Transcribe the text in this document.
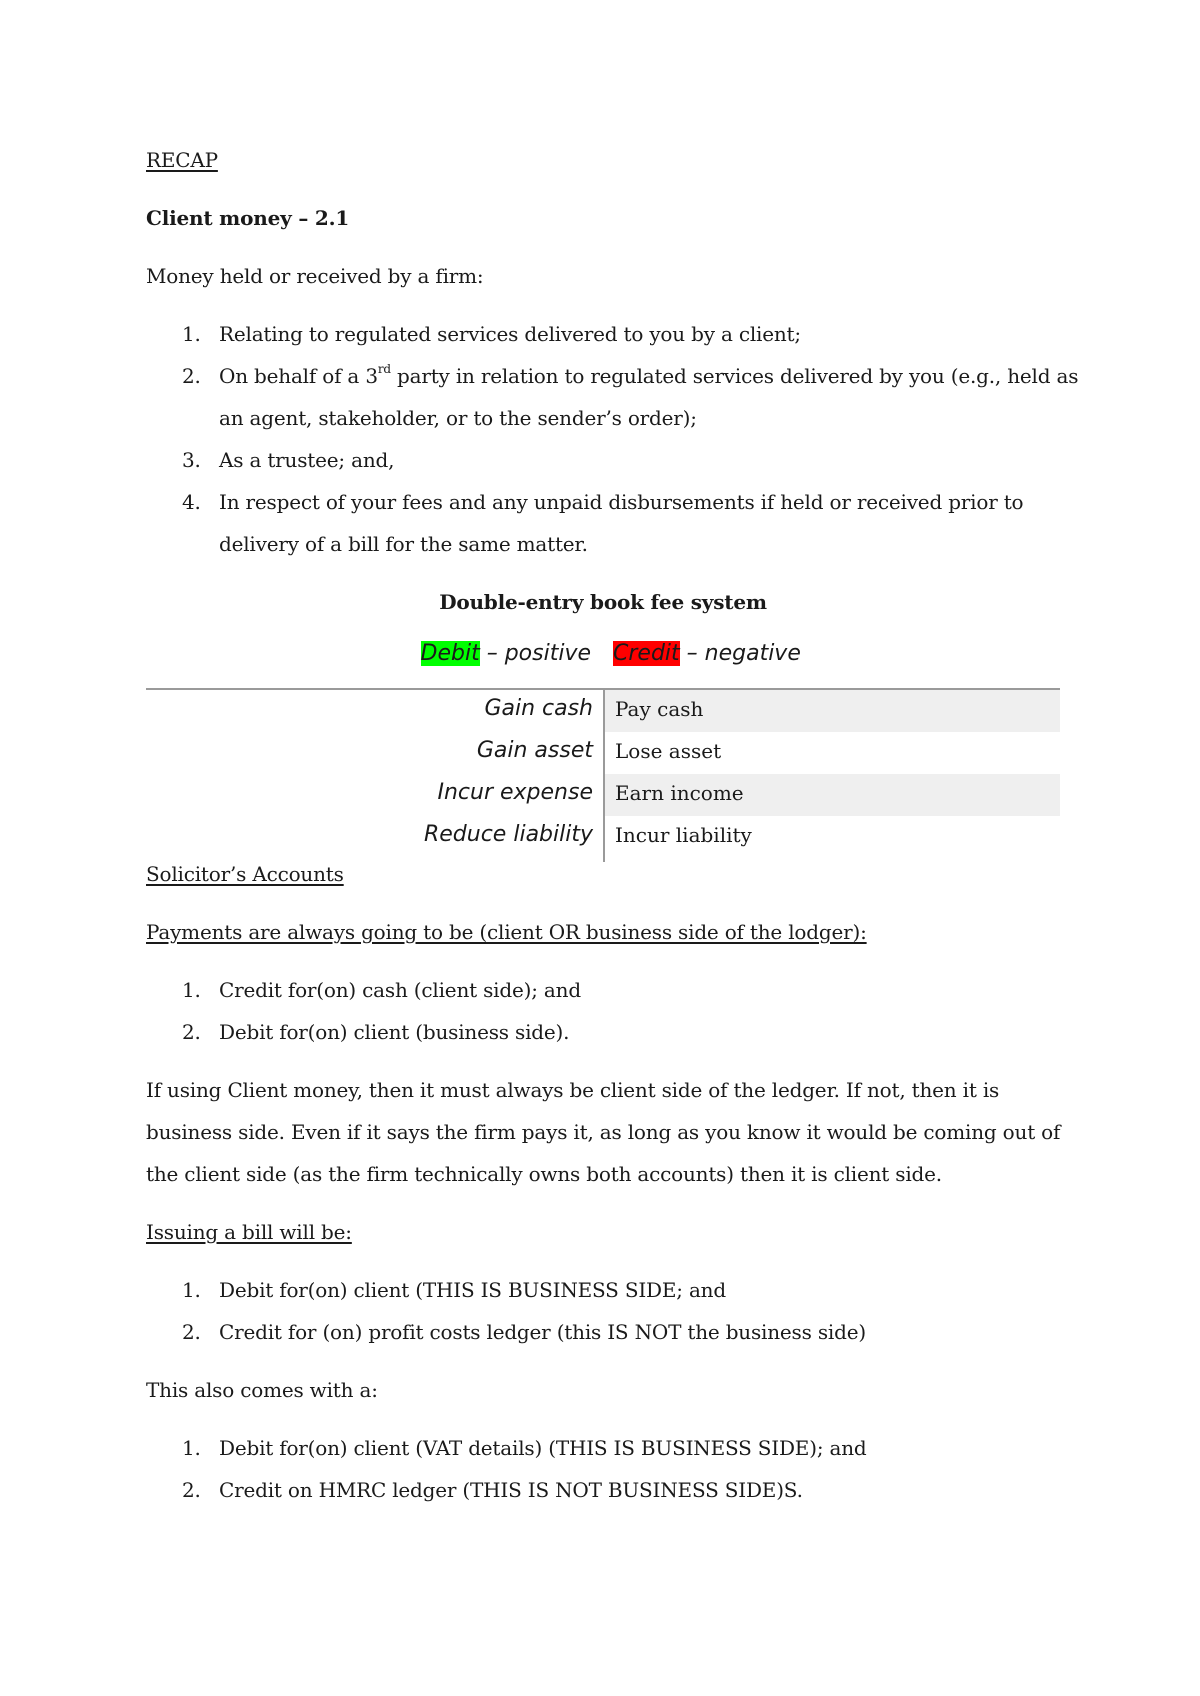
RECAP
Client money – 2.1
Money held or received by a firm:
1. Relating to regulated services delivered to you by a client;
2. On behalf of a 3rd party in relation to regulated services delivered by you (e.g., held as
an agent, stakeholder, or to the sender’s order);
3. As a trustee; and,
4. In respect of your fees and any unpaid disbursements if held or received prior to
delivery of a bill for the same matter.
Double-entry book fee system
Debit – positive	Credit – negative
Gain cash	Pay cash
Gain asset	Lose asset
Incur expense	Earn income
Reduce liability	Incur liability
Solicitor’s Accounts
Payments are always going to be (client OR business side of the lodger):
1. Credit for(on) cash (client side); and
2. Debit for(on) client (business side).
If using Client money, then it must always be client side of the ledger. If not, then it is
business side. Even if it says the firm pays it, as long as you know it would be coming out of
the client side (as the firm technically owns both accounts) then it is client side.
Issuing a bill will be:
1. Debit for(on) client (THIS IS BUSINESS SIDE; and
2. Credit for (on) profit costs ledger (this IS NOT the business side)
This also comes with a:
1. Debit for(on) client (VAT details) (THIS IS BUSINESS SIDE); and
2. Credit on HMRC ledger (THIS IS NOT BUSINESS SIDE)S.
